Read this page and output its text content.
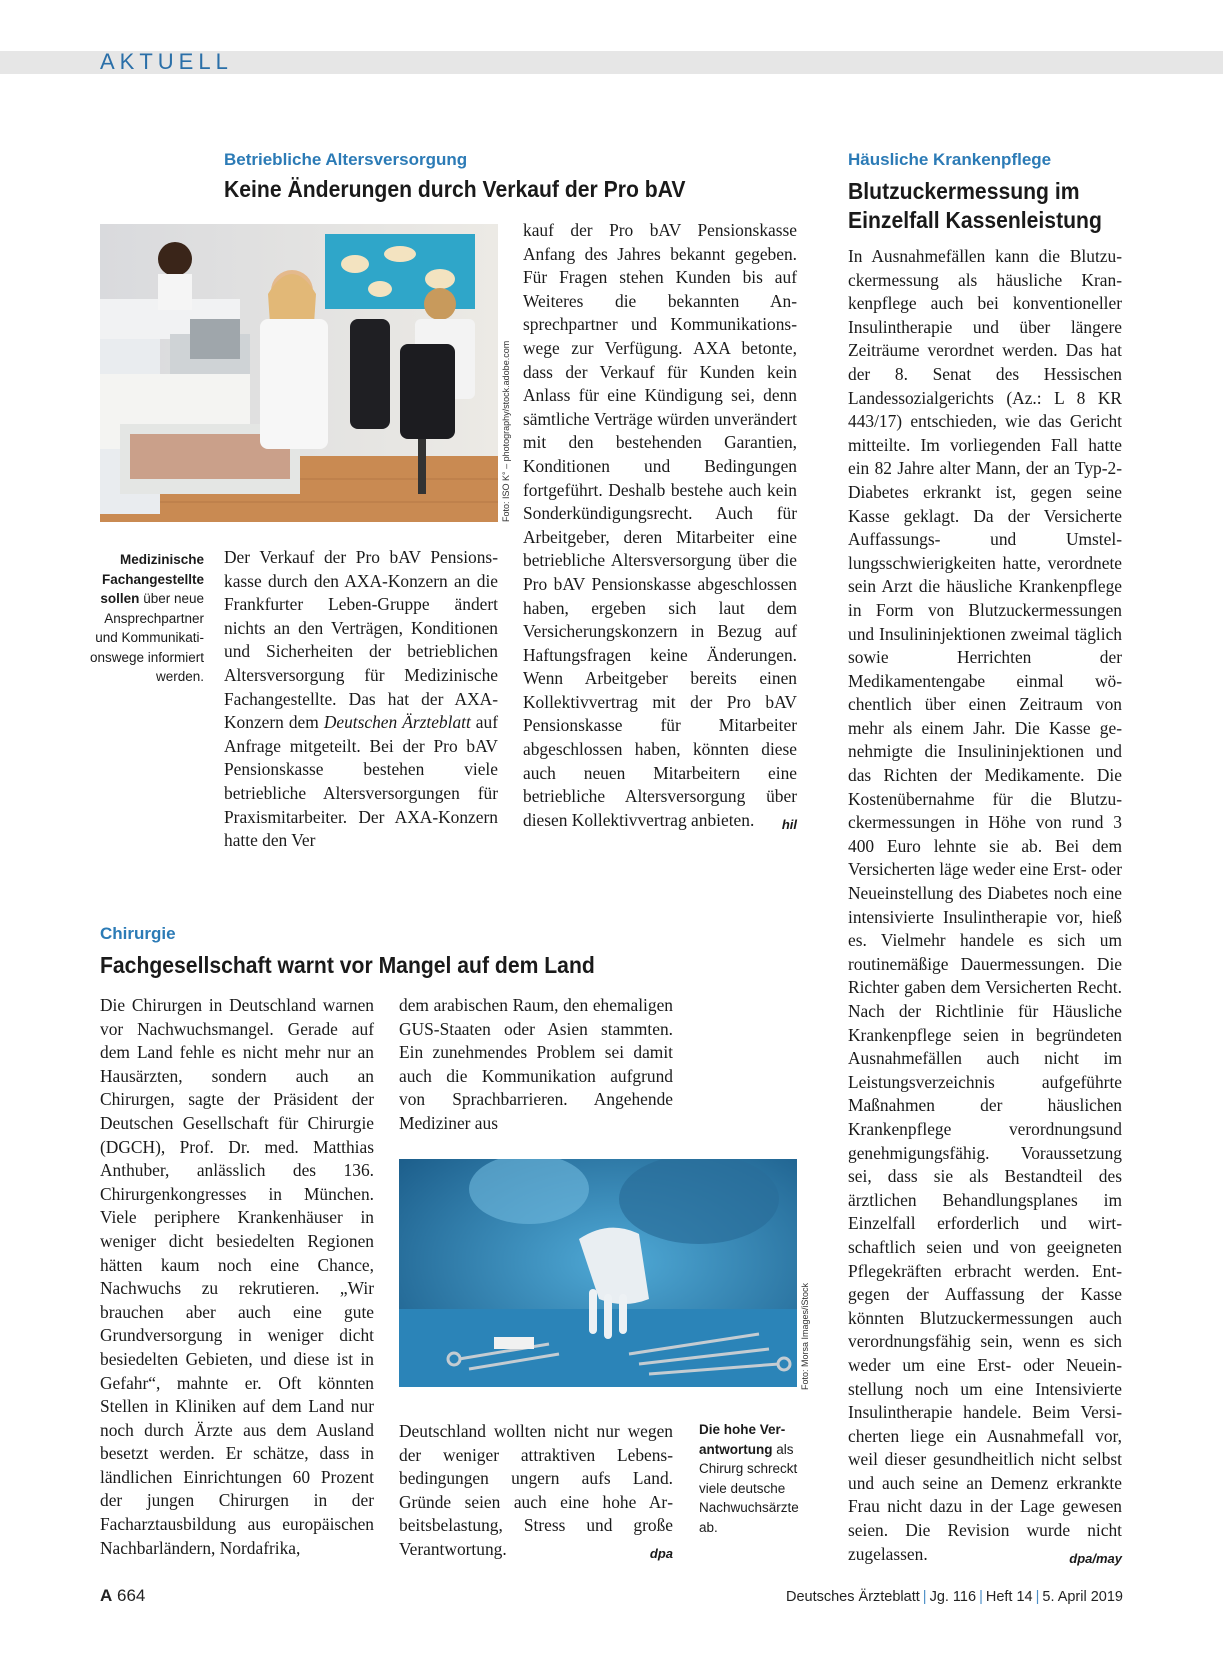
AKTUELL
Betriebliche Altersversorgung
Keine Änderungen durch Verkauf der Pro bAV
Foto: ISO K° – photography/stock.adobe.com

Medizinische Fachangestellte sollen über neue Ansprechpartner und Kommunikationswege informiert werden.

Der Verkauf der Pro bAV Pensionskasse durch den AXA-Konzern an die Frankfurter Leben-Gruppe ändert nichts an den Verträgen, Konditionen und Sicherheiten der betrieblichen Altersversorgung für Medizinische Fachangestellte. Das hat der AXA-Konzern dem Deutschen Ärzteblatt auf Anfrage mitgeteilt. Bei der Pro bAV Pensionskasse bestehen viele betriebliche Altersversorgungen für Praxismitarbeiter. Der AXA-Konzern hatte den Ver

kauf der Pro bAV Pensionskasse Anfang des Jahres bekannt gegeben. Für Fragen stehen Kunden bis auf Weiteres die bekannten Ansprechpartner und Kommunikationswege zur Verfügung. AXA betonte, dass der Verkauf für Kunden kein Anlass für eine Kündigung sei, denn sämtliche Verträge würden unverändert mit den bestehenden Garantien, Konditionen und Bedingungen fortgeführt. Deshalb bestehe auch kein Sonderkündigungsrecht. Auch für Arbeitgeber, deren Mitarbeiter eine betriebliche Altersversorgung über die Pro bAV Pensionskasse abgeschlossen haben, ergeben sich laut dem Versicherungskonzern in Bezug auf Haftungsfragen keine Änderungen. Wenn Arbeitgeber bereits einen Kollektivvertrag mit der Pro bAV Pensionskasse für Mitarbeiter abgeschlossen haben, könnten diese auch neuen Mitarbeitern eine betriebliche Altersversorgung über diesen Kollektivvertrag anbieten. hil

Chirurgie
Fachgesellschaft warnt vor Mangel auf dem Land

Die Chirurgen in Deutschland warnen vor Nachwuchsmangel. Gerade auf dem Land fehle es nicht mehr nur an Hausärzten, sondern auch an Chirurgen, sagte der Präsident der Deutschen Gesellschaft für Chirurgie (DGCH), Prof. Dr. med. Matthias Anthuber, anlässlich des 136. Chirurgenkongresses in München. Viele periphere Krankenhäuser in weniger dicht besiedelten Regionen hätten kaum noch eine Chance, Nachwuchs zu rekrutieren. „Wir brauchen aber auch eine gute Grundversorgung in weniger dicht besiedelten Gebieten, und diese ist in Gefahr“, mahnte er. Oft könnten Stellen in Kliniken auf dem Land nur noch durch Ärzte aus dem Ausland besetzt werden. Er schätze, dass in ländlichen Einrichtungen 60 Prozent der jungen Chirurgen in der Facharztausbildung aus europäischen Nachbarländern, Nordafrika,

dem arabischen Raum, den ehemaligen GUS-Staaten oder Asien stammten. Ein zunehmendes Problem sei damit auch die Kommunikation aufgrund von Sprachbarrieren. Angehende Mediziner aus

Foto: Morsa Images/iStock

Deutschland wollten nicht nur wegen der weniger attraktiven Lebensbedingungen ungern aufs Land. Gründe seien auch eine hohe Arbeitsbelastung, Stress und große Verantwortung.	dpa

Die hohe Verantwortung als Chirurg schreckt viele deutsche Nachwuchsärzte ab.

Häusliche Krankenpflege
Blutzuckermessung im
Einzelfall Kassenleistung

In Ausnahmefällen kann die Blutzuckermessung als häusliche Krankenpflege auch bei konventioneller Insulintherapie und über längere Zeiträume verordnet werden. Das hat der 8. Senat des Hessischen Landessozialgerichts (Az.: L 8 KR 443/17) entschieden, wie das Gericht mitteilte. Im vorliegenden Fall hatte ein 82 Jahre alter Mann, der an Typ-2-Diabetes erkrankt ist, gegen seine Kasse geklagt. Da der Versicherte Auffassungs- und Umstellungsschwierigkeiten hatte, verordnete sein Arzt die häusliche Krankenpflege in Form von Blutzuckermessungen und Insulininjektionen zweimal täglich sowie Herrichten der Medikamentengabe einmal wöchentlich über einen Zeitraum von mehr als einem Jahr. Die Kasse genehmigte die Insulininjektionen und das Richten der Medikamente. Die Kostenübernahme für die Blutzuckermessungen in Höhe von rund 3 400 Euro lehnte sie ab. Bei dem Versicherten läge weder eine Erst- oder Neueinstellung des Diabetes noch eine intensivierte Insulintherapie vor, hieß es. Vielmehr handele es sich um routinemäßige Dauermessungen. Die Richter gaben dem Versicherten Recht. Nach der Richtlinie für Häusliche Krankenpflege seien in begründeten Ausnahmefällen auch nicht im Leistungsverzeichnis aufgeführte Maßnahmen der häuslichen Krankenpflege verordnungsund genehmigungsfähig. Voraussetzung sei, dass sie als Bestandteil des ärztlichen Behandlungsplanes im Einzelfall erforderlich und wirtschaftlich seien und von geeigneten Pflegekräften erbracht werden. Entgegen der Auffassung der Kasse könnten Blutzuckermessungen auch verordnungsfähig sein, wenn es sich weder um eine Erst- oder Neueinstellung noch um eine Intensivierte Insulintherapie handele. Beim Versicherten liege ein Ausnahmefall vor, weil dieser gesundheitlich nicht selbst und auch seine an Demenz erkrankte Frau nicht dazu in der Lage gewesen seien. Die Revision wurde nicht zugelassen.	dpa/may

A 664	Deutsches Ärzteblatt | Jg. 116 | Heft 14 | 5. April 2019
